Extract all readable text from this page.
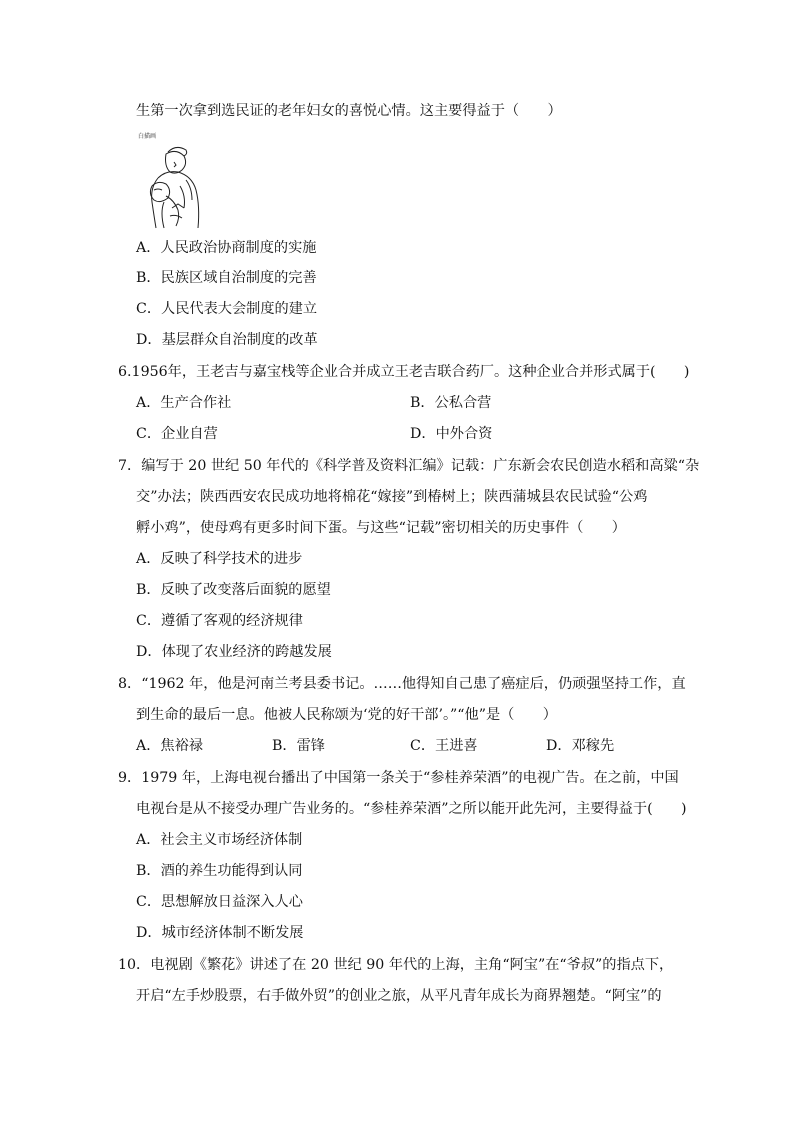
生第一次拿到选民证的老年妇女的喜悦心情。这主要得益于（　　）
白描画
A．人民政治协商制度的实施
B．民族区域自治制度的完善
C．人民代表大会制度的建立
D．基层群众自治制度的改革
6.1956年，王老吉与嘉宝栈等企业合并成立王老吉联合药厂。这种企业合并形式属于(　　)
A．生产合作社	B．公私合营
C．企业自营	D．中外合资
7．编写于 20 世纪 50 年代的《科学普及资料汇编》记载：广东新会农民创造水稻和高粱“杂
交”办法；陕西西安农民成功地将棉花“嫁接”到椿树上；陕西蒲城县农民试验“公鸡
孵小鸡”，使母鸡有更多时间下蛋。与这些“记载”密切相关的历史事件（　　）
A．反映了科学技术的进步
B．反映了改变落后面貌的愿望
C．遵循了客观的经济规律
D．体现了农业经济的跨越发展
8．“1962 年，他是河南兰考县委书记。……他得知自己患了癌症后，仍顽强坚持工作，直
到生命的最后一息。他被人民称颂为‘党的好干部’。”“他”是（　　）
A．焦裕禄	B．雷锋	C．王进喜	D．邓稼先
9．1979 年，上海电视台播出了中国第一条关于“参桂养荣酒”的电视广告。在之前，中国
电视台是从不接受办理广告业务的。“参桂养荣酒”之所以能开此先河，主要得益于(　　)
A．社会主义市场经济体制
B．酒的养生功能得到认同
C．思想解放日益深入人心
D．城市经济体制不断发展
10．电视剧《繁花》讲述了在 20 世纪 90 年代的上海，主角“阿宝”在“爷叔”的指点下，
开启“左手炒股票，右手做外贸”的创业之旅，从平凡青年成长为商界翘楚。“阿宝”的
